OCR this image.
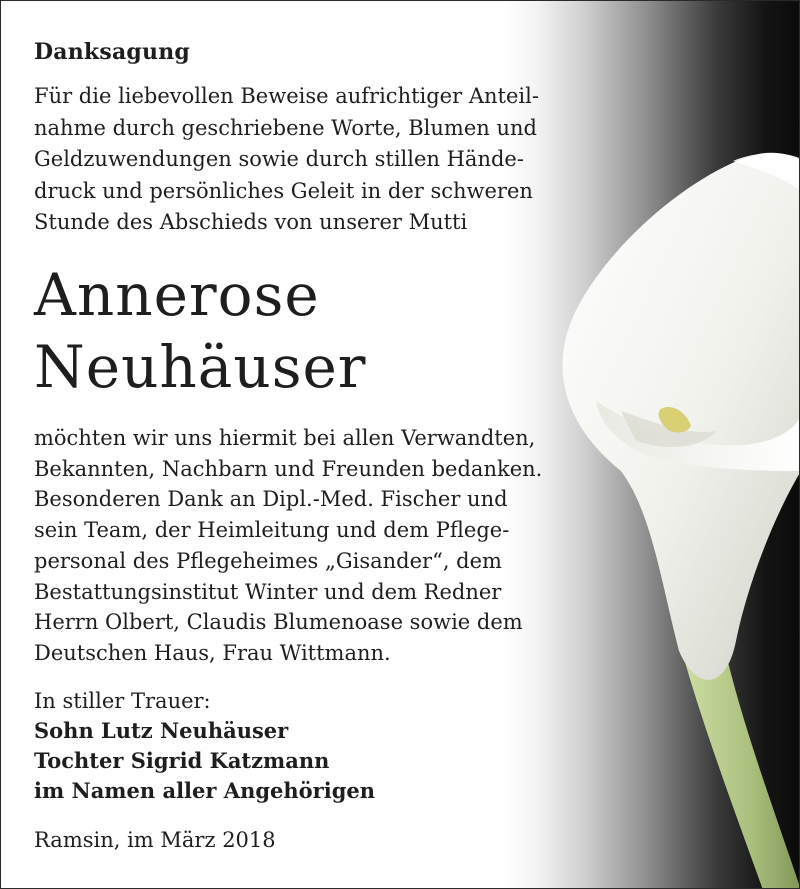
Danksagung
Für die liebevollen Beweise aufrichtiger Anteil-
nahme durch geschriebene Worte, Blumen und
Geldzuwendungen sowie durch stillen Hände-
druck und persönliches Geleit in der schweren
Stunde des Abschieds von unserer Mutti
Annerose
Neuhäuser
möchten wir uns hiermit bei allen Verwandten,
Bekannten, Nachbarn und Freunden bedanken.
Besonderen Dank an Dipl.-Med. Fischer und
sein Team, der Heimleitung und dem Pflege-
personal des Pflegeheimes „Gisander“, dem
Bestattungsinstitut Winter und dem Redner
Herrn Olbert, Claudis Blumenoase sowie dem
Deutschen Haus, Frau Wittmann.
In stiller Trauer:
Sohn Lutz Neuhäuser
Tochter Sigrid Katzmann
im Namen aller Angehörigen
Ramsin, im März 2018
